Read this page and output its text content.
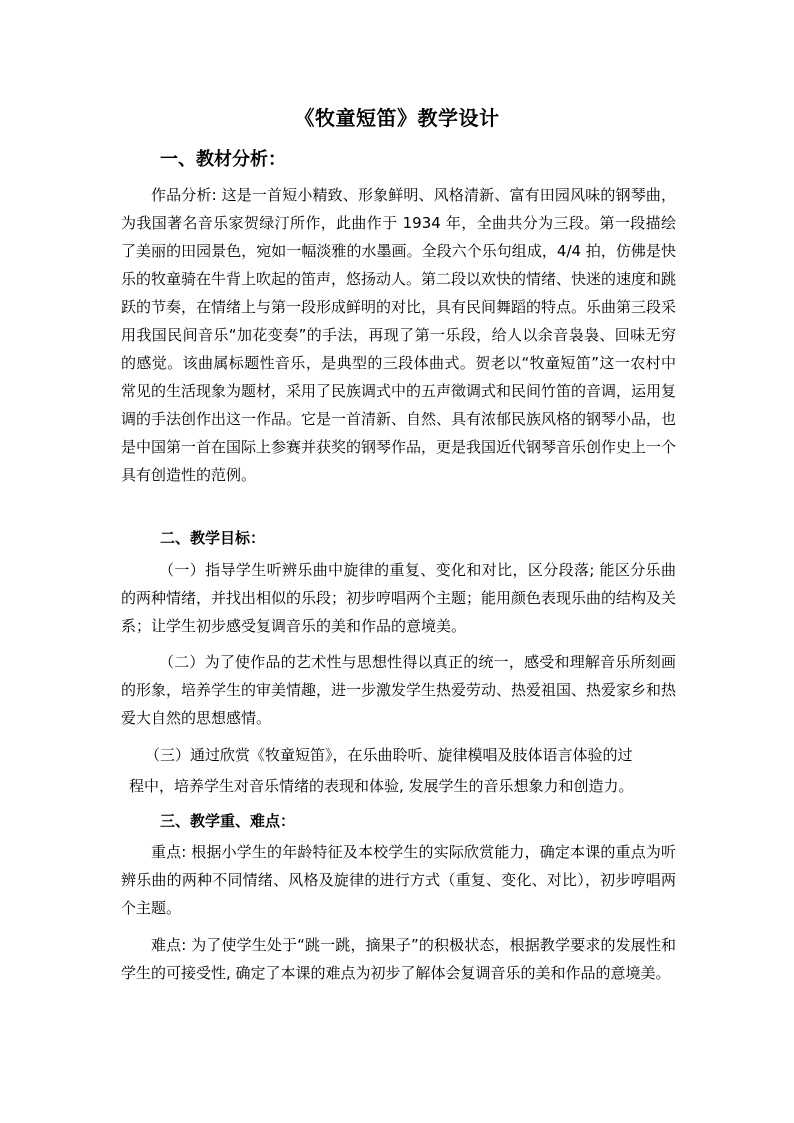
《牧童短笛》教学设计
一、教材分析：

作品分析: 这是一首短小精致、形象鲜明、风格清新、富有田园风味的钢琴曲，为我国著名音乐家贺绿汀所作，此曲作于 1934 年，全曲共分为三段。第一段描绘了美丽的田园景色，宛如一幅淡雅的水墨画。全段六个乐句组成，4/4 拍，仿佛是快乐的牧童骑在牛背上吹起的笛声，悠扬动人。第二段以欢快的情绪、快迷的速度和跳跃的节奏，在情绪上与第一段形成鲜明的对比，具有民间舞蹈的特点。乐曲第三段采用我国民间音乐“加花变奏”的手法，再现了第一乐段，给人以余音袅袅、回味无穷的感觉。该曲属标题性音乐，是典型的三段体曲式。贺老以“牧童短笛”这一农村中常见的生活现象为题材，采用了民族调式中的五声徵调式和民间竹笛的音调，运用复调的手法创作出这一作品。它是一首清新、自然、具有浓郁民族风格的钢琴小品，也是中国第一首在国际上参赛并获奖的钢琴作品，更是我国近代钢琴音乐创作史上一个具有创造性的范例。

二、教学目标：

（一）指导学生听辨乐曲中旋律的重复、变化和对比，区分段落; 能区分乐曲的两种情绪，并找出相似的乐段；初步哼唱两个主题；能用颜色表现乐曲的结构及关系；让学生初步感受复调音乐的美和作品的意境美。

（二）为了使作品的艺术性与思想性得以真正的统一，感受和理解音乐所刻画的形象，培养学生的审美情趣，进一步激发学生热爱劳动、热爱祖国、热爱家乡和热爱大自然的思想感情。

（三）通过欣赏《牧童短笛》，在乐曲聆听、旋律模唱及肢体语言体验的过
程中，培养学生对音乐情绪的表现和体验, 发展学生的音乐想象力和创造力。
三、教学重、难点：

重点: 根据小学生的年龄特征及本校学生的实际欣赏能力，确定本课的重点为听辨乐曲的两种不同情绪、风格及旋律的进行方式（重复、变化、对比），初步哼唱两个主题。

难点: 为了使学生处于“跳一跳，摘果子”的积极状态，根据教学要求的发展性和学生的可接受性, 确定了本课的难点为初步了解体会复调音乐的美和作品的意境美。
